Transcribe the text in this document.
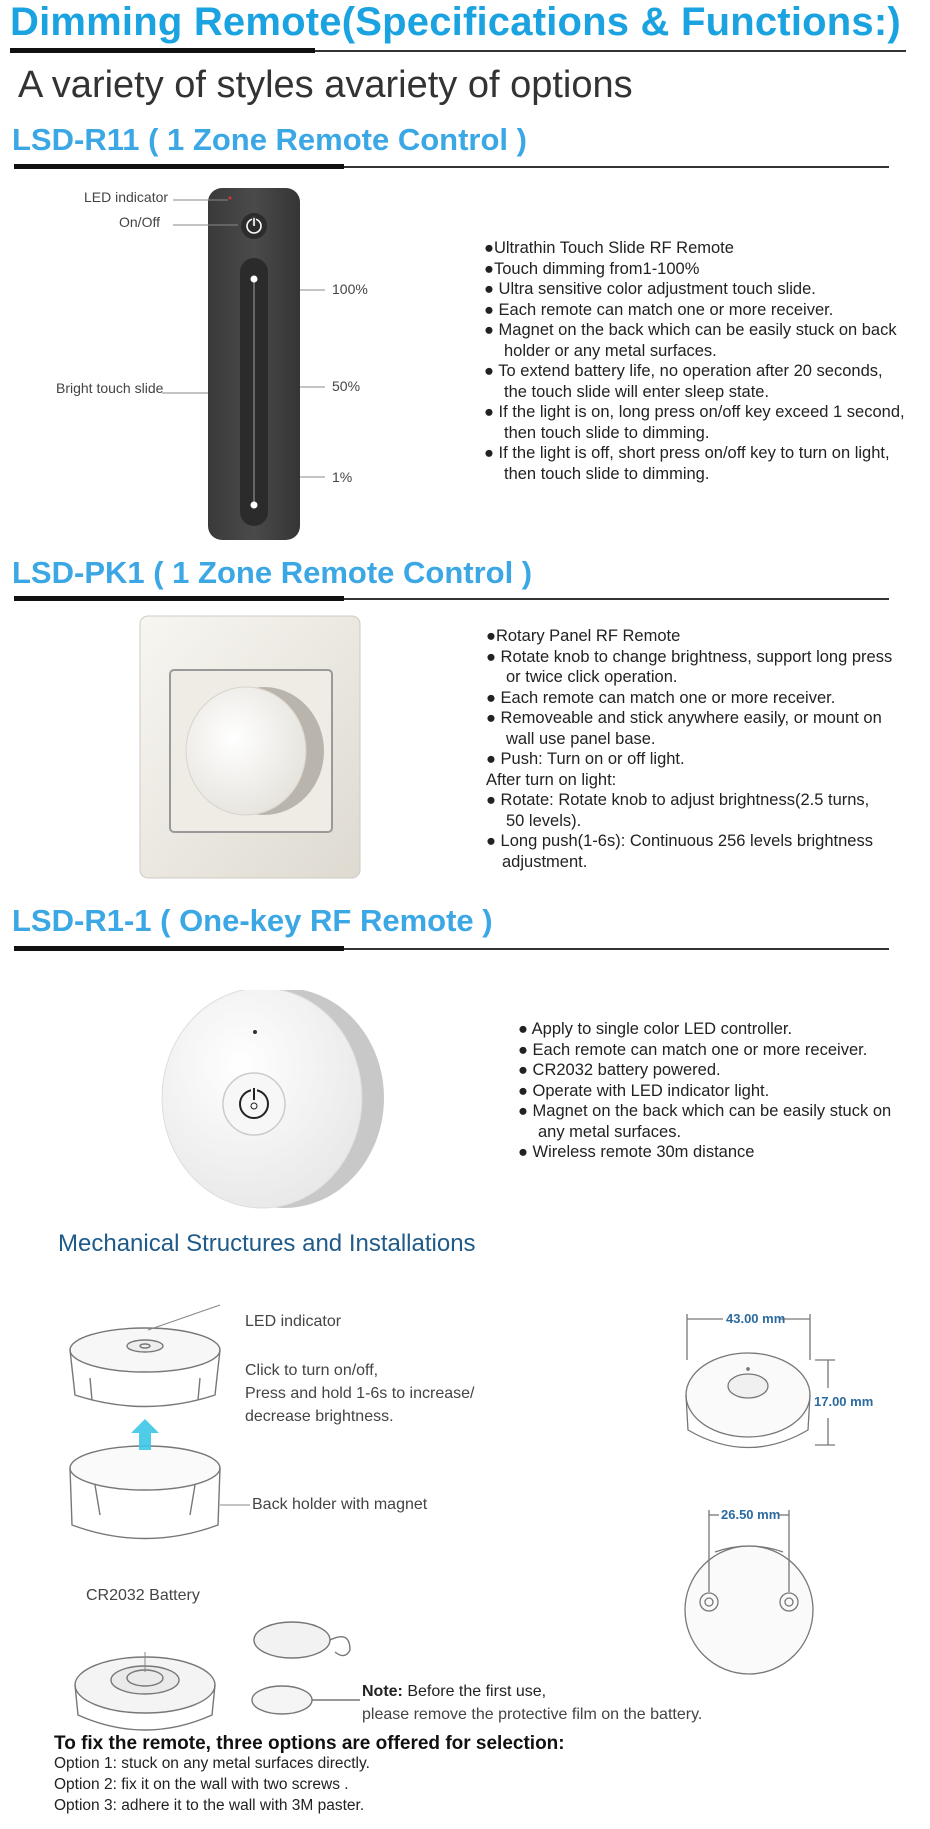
Dimming Remote(Specifications & Functions:)
A variety of styles avariety of options
LSD-R11 ( 1 Zone Remote Control )
LED indicator
On/Off
Bright touch slide
100%
50%
1%
●Ultrathin Touch Slide RF Remote
●Touch dimming from1-100%
● Ultra sensitive color adjustment touch slide.
● Each remote can match one or more receiver.
● Magnet on the back which can be easily stuck on back
holder or any metal surfaces.
● To extend battery life, no operation after 20 seconds,
the touch slide will enter sleep state.
● If the light is on, long press on/off key exceed 1 second,
then touch slide to dimming.
● If the light is off, short press on/off key to turn on light,
then touch slide to dimming.
LSD-PK1 ( 1 Zone Remote Control )
●Rotary Panel RF Remote
● Rotate knob to change brightness, support long press
or twice click operation.
● Each remote can match one or more receiver.
● Removeable and stick anywhere easily, or mount on
wall use panel base.
● Push: Turn on or off light.
After turn on light:
● Rotate: Rotate knob to adjust brightness(2.5 turns,
50 levels).
● Long push(1-6s): Continuous 256 levels brightness
adjustment.
LSD-R1-1 ( One-key RF Remote )
● Apply to single color LED controller.
● Each remote can match one or more receiver.
● CR2032 battery powered.
● Operate with LED indicator light.
● Magnet on the back which can be easily stuck on
any metal surfaces.
● Wireless remote 30m distance
Mechanical Structures and Installations
LED indicator
Click to turn on/off,
Press and hold 1-6s to increase/
decrease brightness.
Back holder with magnet
CR2032 Battery
Note: Before the first use,
please remove the protective film on the battery.
43.00 mm
17.00 mm
26.50 mm
To fix the remote, three options are offered for selection:
Option 1: stuck on any metal surfaces directly.
Option 2: fix it on the wall with two screws .
Option 3: adhere it to the wall with 3M paster.
